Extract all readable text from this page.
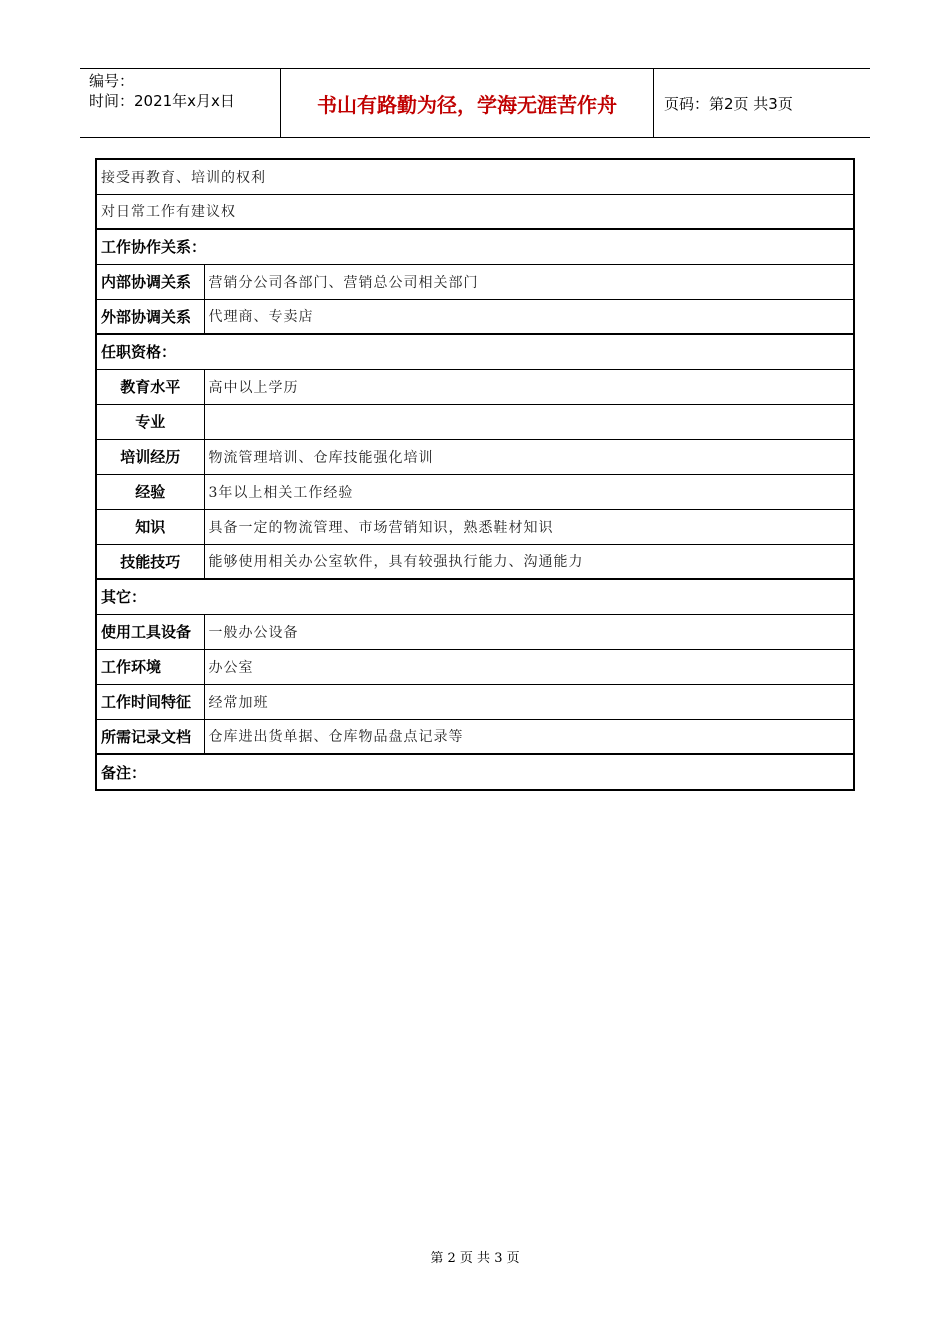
编号：
时间：2021年x月x日	书山有路勤为径，学海无涯苦作舟	页码：第2页 共3页
接受再教育、培训的权利	
对日常工作有建议权	
工作协作关系：	
内部协调关系	营销分公司各部门、营销总公司相关部门
外部协调关系	代理商、专卖店
任职资格：	
教育水平	高中以上学历
专业	
培训经历	物流管理培训、仓库技能强化培训
经验	3年以上相关工作经验
知识	具备一定的物流管理、市场营销知识，熟悉鞋材知识
技能技巧	能够使用相关办公室软件，具有较强执行能力、沟通能力
其它：	
使用工具设备	一般办公设备
工作环境	办公室
工作时间特征	经常加班
所需记录文档	仓库进出货单据、仓库物品盘点记录等
备注：	
第 2 页 共 3 页
